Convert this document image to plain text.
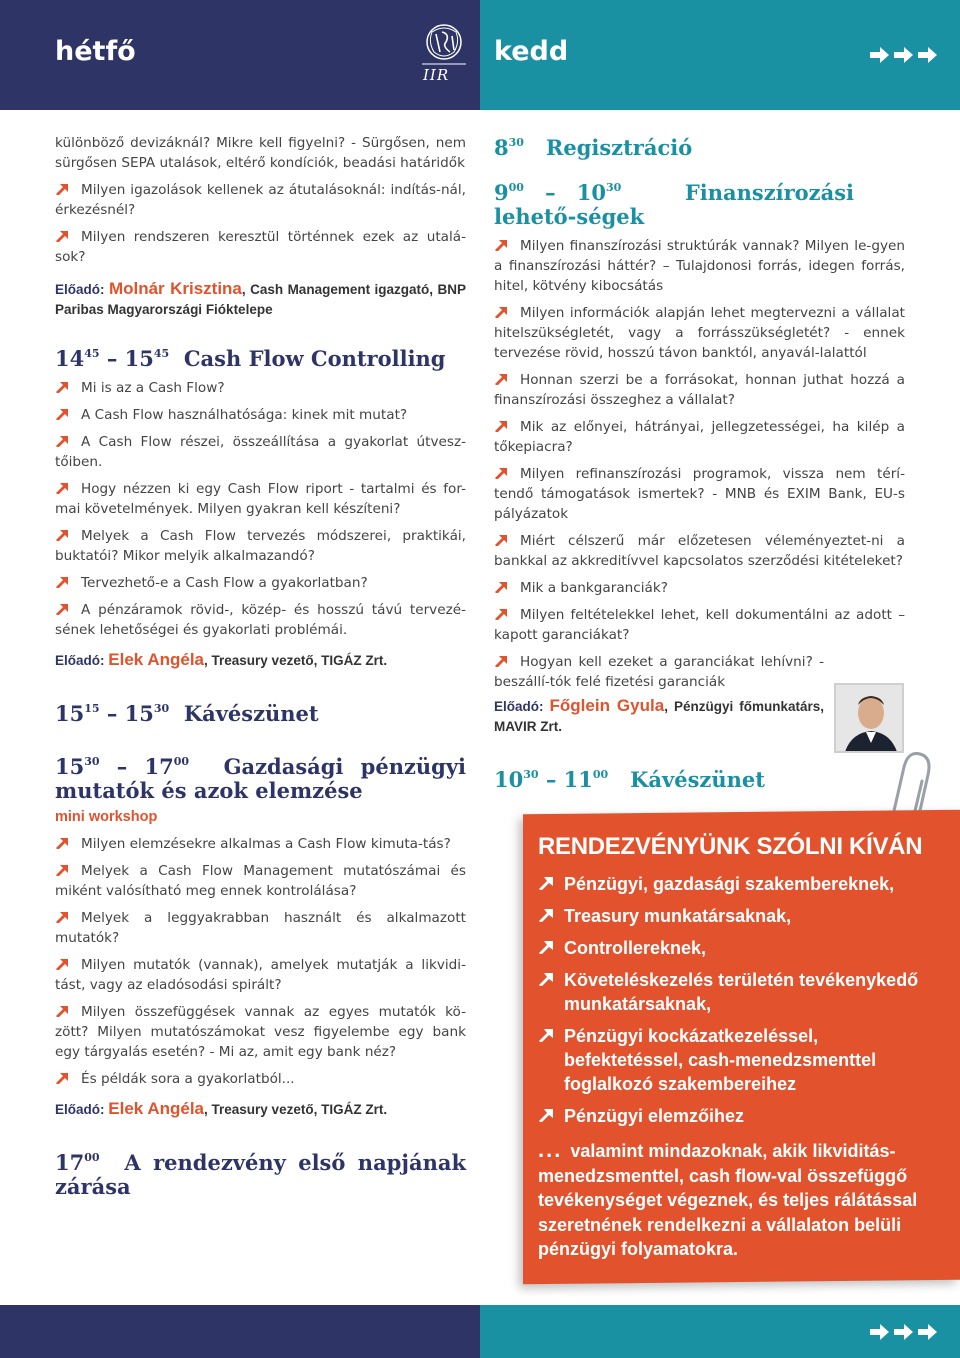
hétfő	kedd
IIR

különböző devizáknál? Mikre kell figyelni? - Sürgősen, nem sürgősen SEPA utalások, eltérő kondíciók, beadási határidők

Milyen igazolások kellenek az átutalásoknál: indítás-nál, érkezésnél?
Milyen rendszeren keresztül történnek ezek az utalá-sok?
Előadó: Molnár Krisztina, Cash Management igazgató, BNP Paribas Magyarországi Fióktelepe
$14^{45} - 15^{45}$ Cash Flow Controlling
Mi is az a Cash Flow?
A Cash Flow használhatósága: kinek mit mutat?
A Cash Flow részei, összeállítása a gyakorlat útvesz-tőiben.
Hogy nézzen ki egy Cash Flow riport - tartalmi és for-mai követelmények. Milyen gyakran kell készíteni?
Melyek a Cash Flow tervezés módszerei, praktikái, buktatói? Mikor melyik alkalmazandó?
Tervezhető-e a Cash Flow a gyakorlatban?
A pénzáramok rövid-, közép- és hosszú távú tervezé-sének lehetőségei és gyakorlati problémái.
Előadó: Elek Angéla, Treasury vezető, TIGÁZ Zrt.
$15^{15} - 15^{30}$ Kávészünet
$15^{30} - 17^{00}$ Gazdasági pénzügyi mutatók és azok elemzése
mini workshop
Milyen elemzésekre alkalmas a Cash Flow kimuta-tás?
Melyek a Cash Flow Management mutatószámai és miként valósítható meg ennek kontrolálása?
Melyek a leggyakrabban használt és alkalmazott mutatók?
Milyen mutatók (vannak), amelyek mutatják a likvidi-tást, vagy az eladósodási spirált?
Milyen összefüggések vannak az egyes mutatók kö-zött? Milyen mutatószámokat vesz figyelembe egy bank egy tárgyalás esetén? - Mi az, amit egy bank néz?
És példák sora a gyakorlatból...
Előadó: Elek Angéla, Treasury vezető, TIGÁZ Zrt.
$17^{00}$ A rendezvény első napjának zárása
$8^{30}$ Regisztráció
$9^{00} - 10^{30}$	Finanszírozási lehető-ségek
Milyen finanszírozási struktúrák vannak? Milyen le-gyen a finanszírozási háttér? – Tulajdonosi forrás, idegen forrás, hitel, kötvény kibocsátás
Milyen információk alapján lehet megtervezni a vállalat hitelszükségletét, vagy a forrásszükségletét? - ennek tervezése rövid, hosszú távon banktól, anyavál-lalattól
Honnan szerzi be a forrásokat, honnan juthat hozzá a finanszírozási összeghez a vállalat?
Mik az előnyei, hátrányai, jellegzetességei, ha kilép a tőkepiacra?
Milyen refinanszírozási programok, vissza nem térí-tendő támogatások ismertek? - MNB és EXIM Bank, EU-s pályázatok
Miért célszerű már előzetesen véleményeztet-ni a bankkal az akkreditívvel kapcsolatos szerződési kitételeket?
Mik a bankgaranciák?
Milyen feltételekkel lehet, kell dokumentálni az adott – kapott garanciákat?
Hogyan kell ezeket a garanciákat lehívni? - beszállí-tók felé fizetési garanciák
Előadó: Főglein Gyula, Pénzügyi főmunkatárs, MAVIR Zrt.
$10^{30} - 11^{00}$ Kávészünet
RENDEZVÉNYÜNK SZÓLNI KÍVÁN
Pénzügyi, gazdasági szakembereknek,
Treasury munkatársaknak,
Controllereknek,
Követeléskezelés területén tevékenykedő munkatársaknak,
Pénzügyi kockázatkezeléssel, befektetéssel, cash-menedzsmenttel foglalkozó szakembereihez
Pénzügyi elemzőihez
... valamint mindazoknak, akik likviditás-menedzsmenttel, cash flow-val összefüggő tevékenységet végeznek, és teljes rálátással szeretnének rendelkezni a vállalaton belüli pénzügyi folyamatokra.
